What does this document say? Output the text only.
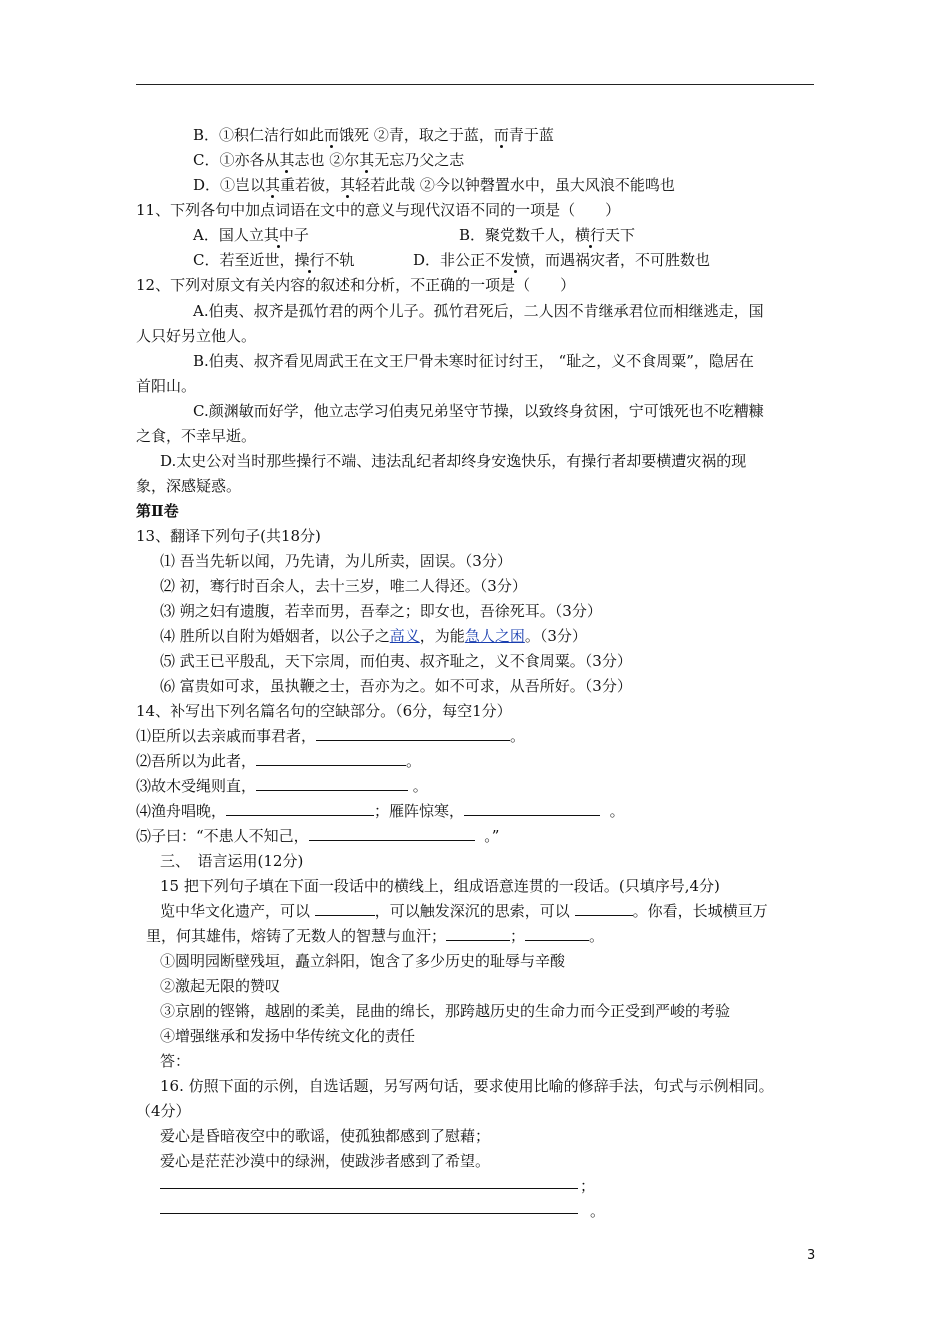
B．①积仁洁行如此而饿死 ②青，取之于蓝，而青于蓝
C．①亦各从其志也 ②尔其无忘乃父之志
D．①岂以其重若彼，其轻若此哉 ②今以钟磬置水中，虽大风浪不能鸣也
11、下列各句中加点词语在文中的意义与现代汉语不同的一项是（　　）
A．国人立其中子	B．聚党数千人，横行天下
C．若至近世，操行不轨	D．非公正不发愤，而遇祸灾者，不可胜数也
12、下列对原文有关内容的叙述和分析，不正确的一项是（　　）
A.伯夷、叔齐是孤竹君的两个儿子。孤竹君死后，二人因不肯继承君位而相继逃走，国
人只好另立他人。
B.伯夷、叔齐看见周武王在文王尸骨未寒时征讨纣王， “耻之，义不食周粟”，隐居在
首阳山。
C.颜渊敏而好学，他立志学习伯夷兄弟坚守节操，以致终身贫困，宁可饿死也不吃糟糠
之食，不幸早逝。
D.太史公对当时那些操行不端、违法乱纪者却终身安逸快乐，有操行者却要横遭灾祸的现
象，深感疑惑。
第Ⅱ卷
13、翻译下列句子(共18分)
⑴ 吾当先斩以闻，乃先请，为儿所卖，固误。（3分）
⑵ 初，骞行时百余人，去十三岁，唯二人得还。（3分）
⑶ 朔之妇有遗腹，若幸而男，吾奉之；即女也，吾徐死耳。（3分）
⑷ 胜所以自附为婚姻者，以公子之高义，为能急人之困。（3分）
⑸ 武王已平殷乱，天下宗周，而伯夷、叔齐耻之，义不食周粟。（3分）
⑹ 富贵如可求，虽执鞭之士，吾亦为之。如不可求，从吾所好。（3分）
14、补写出下列名篇名句的空缺部分。（6分，每空1分）
⑴臣所以去亲戚而事君者，	。
⑵吾所以为此者，	。
⑶故木受绳则直，	。
⑷渔舟唱晚，	；雁阵惊寒，	。
⑸子曰：“不患人不知己，	。”
三、　语言运用(12分)
15 把下列句子填在下面一段话中的横线上，组成语意连贯的一段话。(只填序号,4分)
览中华文化遗产，可以	，可以触发深沉的思索，可以	。你看，长城横亘万
里，何其雄伟，熔铸了无数人的智慧与血汗；	；	。
①圆明园断壁残垣，矗立斜阳，饱含了多少历史的耻辱与辛酸
②激起无限的赞叹
③京剧的铿锵，越剧的柔美，昆曲的绵长，那跨越历史的生命力而今正受到严峻的考验
④增强继承和发扬中华传统文化的责任
答：
16. 仿照下面的示例，自选话题，另写两句话，要求使用比喻的修辞手法，句式与示例相同。
（4分）
爱心是昏暗夜空中的歌谣，使孤独都感到了慰藉；
爱心是茫茫沙漠中的绿洲，使跋涉者感到了希望。
；
。
3
